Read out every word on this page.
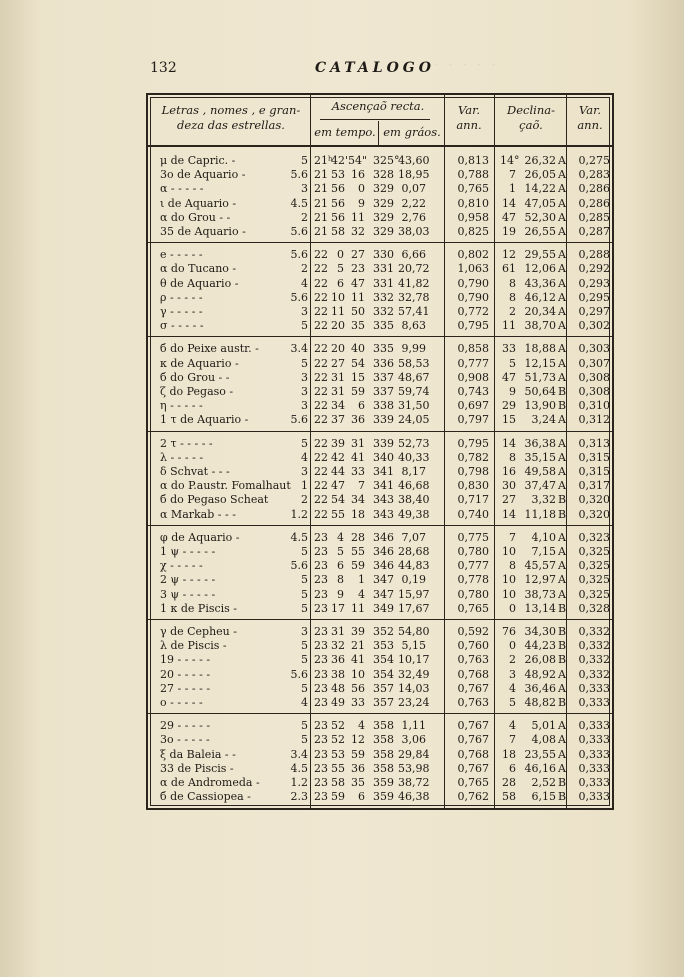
· · · · · ·
132	CATALOGO
Letras , nomes , e gran- deza das estrellas.
Ascençaõ recta.
em tempo. em gráos.
Var. ann.
Declina- çaõ.
Var. ann.
μ de Capric. -	5 21ʰ
42' 54" 325°
43,60	0,813 14° 26,32 A	0,275
3o de Aquario -	5.6 21 53 16 328 18,95	0,788	7 26,05 A	0,283
α - - - - -	3 21 56	0 329 0,07	0,765	1 14,22 A	0,286
ι de Aquario -	4.5 21 56	9 329 2,22	0,810 14 47,05 A	0,286
α do Grou - -	2 21 56 11 329 2,76	0,958 47 52,30 A	0,285
35 de Aquario -	5.6 21 58 32 329 38,03	0,825 19 26,55 A	0,287
e - - - - -	5.6 22 0 27 330 6,66	0,802 12 29,55 A	0,288
α do Tucano -	2 22 5 23 331 20,72	1,063 61 12,06 A	0,292
θ de Aquario -	4 22 6 47 331 41,82	0,790	8 43,36 A	0,293
ρ - - - - -	5.6 22 10 11 332 32,78	0,790	8 46,12 A	0,295
γ - - - - -	3 22 11 50 332 57,41	0,772	2 20,34 A	0,297
σ - - - - -	5 22 20 35 335 8,63	0,795 11 38,70 A	0,302
б do Peixe austr. -	3.4 22 20 40 335 9,99	0,858 33 18,88 A	0,303
κ de Aquario -	5 22 27 54 336 58,53	0,777	5 12,15 A	0,307
б do Grou - -	3 22 31 15 337 48,67	0,908 47 51,73 A	0,308
ζ do Pegaso -	3 22 31 59 337 59,74	0,743	9 50,64 B	0,308
η - - - - -	3 22 34	6 338 31,50	0,697 29 13,90 B	0,310
1 τ de Aquario -	5.6 22 37 36 339 24,05	0,797 15	3,24 A	0,312
2 τ - - - - -	5 22 39 31 339 52,73	0,795 14 36,38 A	0,313
λ - - - - -	4 22 42 41 340 40,33	0,782	8 35,15 A	0,315
δ Schvat - - -	3 22 44 33 341 8,17	0,798 16 49,58 A	0,315
α do P.austr. Fomalhaut 1 22 47	7 341 46,68	0,830 30 37,47 A	0,317
б do Pegaso Scheat	2 22 54 34 343 38,40	0,717 27	3,32 B	0,320
α Markab - - -	1.2 22 55 18 343 49,38	0,740 14 11,18 B	0,320
φ de Aquario -	4.5 23 4 28 346 7,07	0,775	7	4,10 A	0,323
1 ψ - - - - -	5 23 5 55 346 28,68	0,780 10	7,15 A	0,325
χ - - - - -	5.6 23 6 59 346 44,83	0,777	8 45,57 A	0,325
2 ψ - - - - -	5 23 8	1 347 0,19	0,778 10 12,97 A	0,325
3 ψ - - - - -	5 23 9	4 347 15,97	0,780 10 38,73 A	0,325
1 κ de Piscis -	5 23 17 11 349 17,67	0,765	0 13,14 B	0,328
γ de Cepheu -	3 23 31 39 352 54,80	0,592 76 34,30 B	0,332
λ de Piscis -	5 23 32 21 353 5,15	0,760	0 44,23 B	0,332
19 - - - - -	5 23 36 41 354 10,17	0,763	2 26,08 B	0,332
20 - - - - -	5.6 23 38 10 354 32,49	0,768	3 48,92 A	0,332
27 - - - - -	5 23 48 56 357 14,03	0,767	4 36,46 A	0,333
ο - - - - -	4 23 49 33 357 23,24	0,763	5 48,82 B	0,333
29 - - - - -	5 23 52	4 358 1,11	0,767	4	5,01 A	0,333
3o - - - - -	5 23 52 12 358 3,06	0,767	7	4,08 A	0,333
ξ da Baleia - -	3.4 23 53 59 358 29,84	0,768 18 23,55 A	0,333
33 de Piscis -	4.5 23 55 36 358 53,98	0,767	6 46,16 A	0,333
α de Andromeda -	1.2 23 58 35 359 38,72	0,765 28	2,52 B	0,333
б de Cassiopea -	2.3 23 59	6 359 46,38	0,762 58	6,15 B	0,333
